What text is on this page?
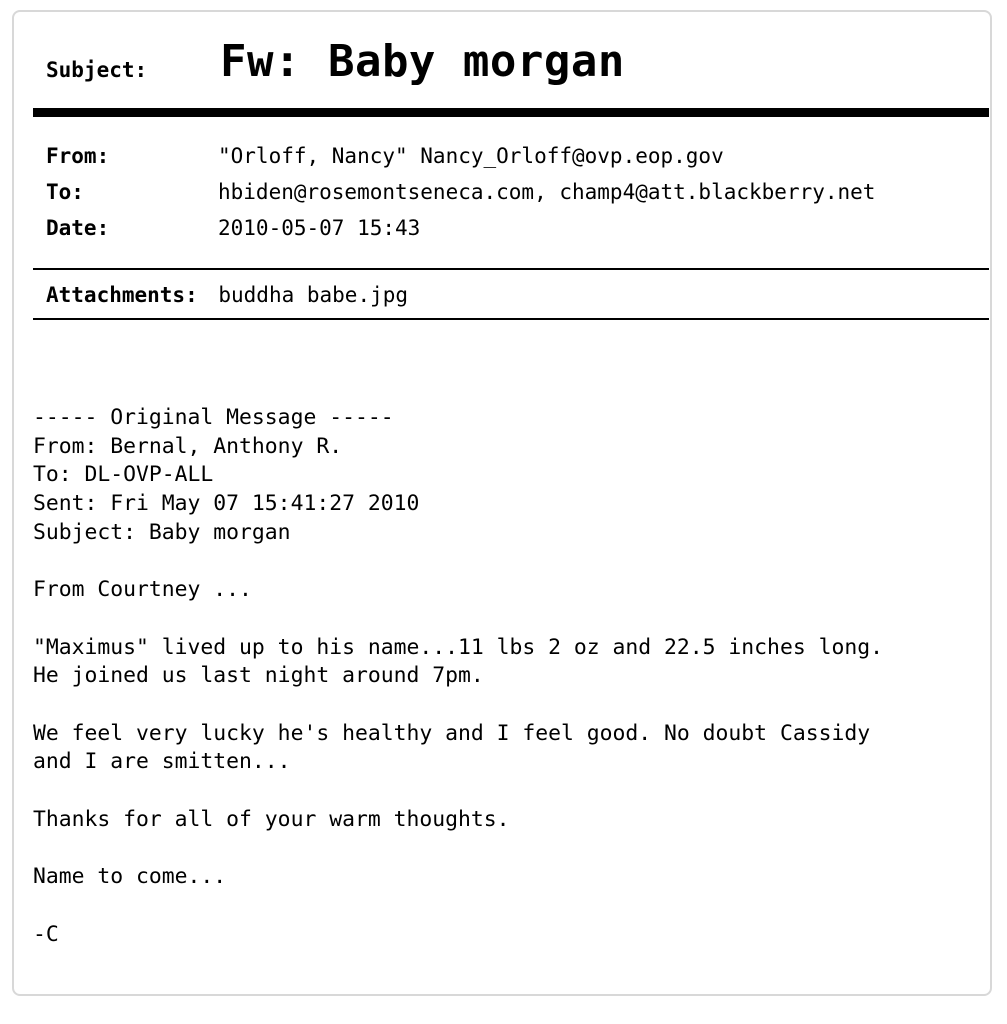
Subject: Fw: Baby morgan
From:	"Orloff, Nancy" Nancy_Orloff@ovp.eop.gov
To:	hbiden@rosemontseneca.com, champ4@att.blackberry.net
Date:	2010-05-07 15:43
Attachments: buddha babe.jpg
----- Original Message -----
From: Bernal, Anthony R.
To: DL-OVP-ALL
Sent: Fri May 07 15:41:27 2010
Subject: Baby morgan

From Courtney ...

"Maximus" lived up to his name...11 lbs 2 oz and 22.5 inches long.
He joined us last night around 7pm.

We feel very lucky he's healthy and I feel good. No doubt Cassidy
and I are smitten...

Thanks for all of your warm thoughts.

Name to come...

-C
